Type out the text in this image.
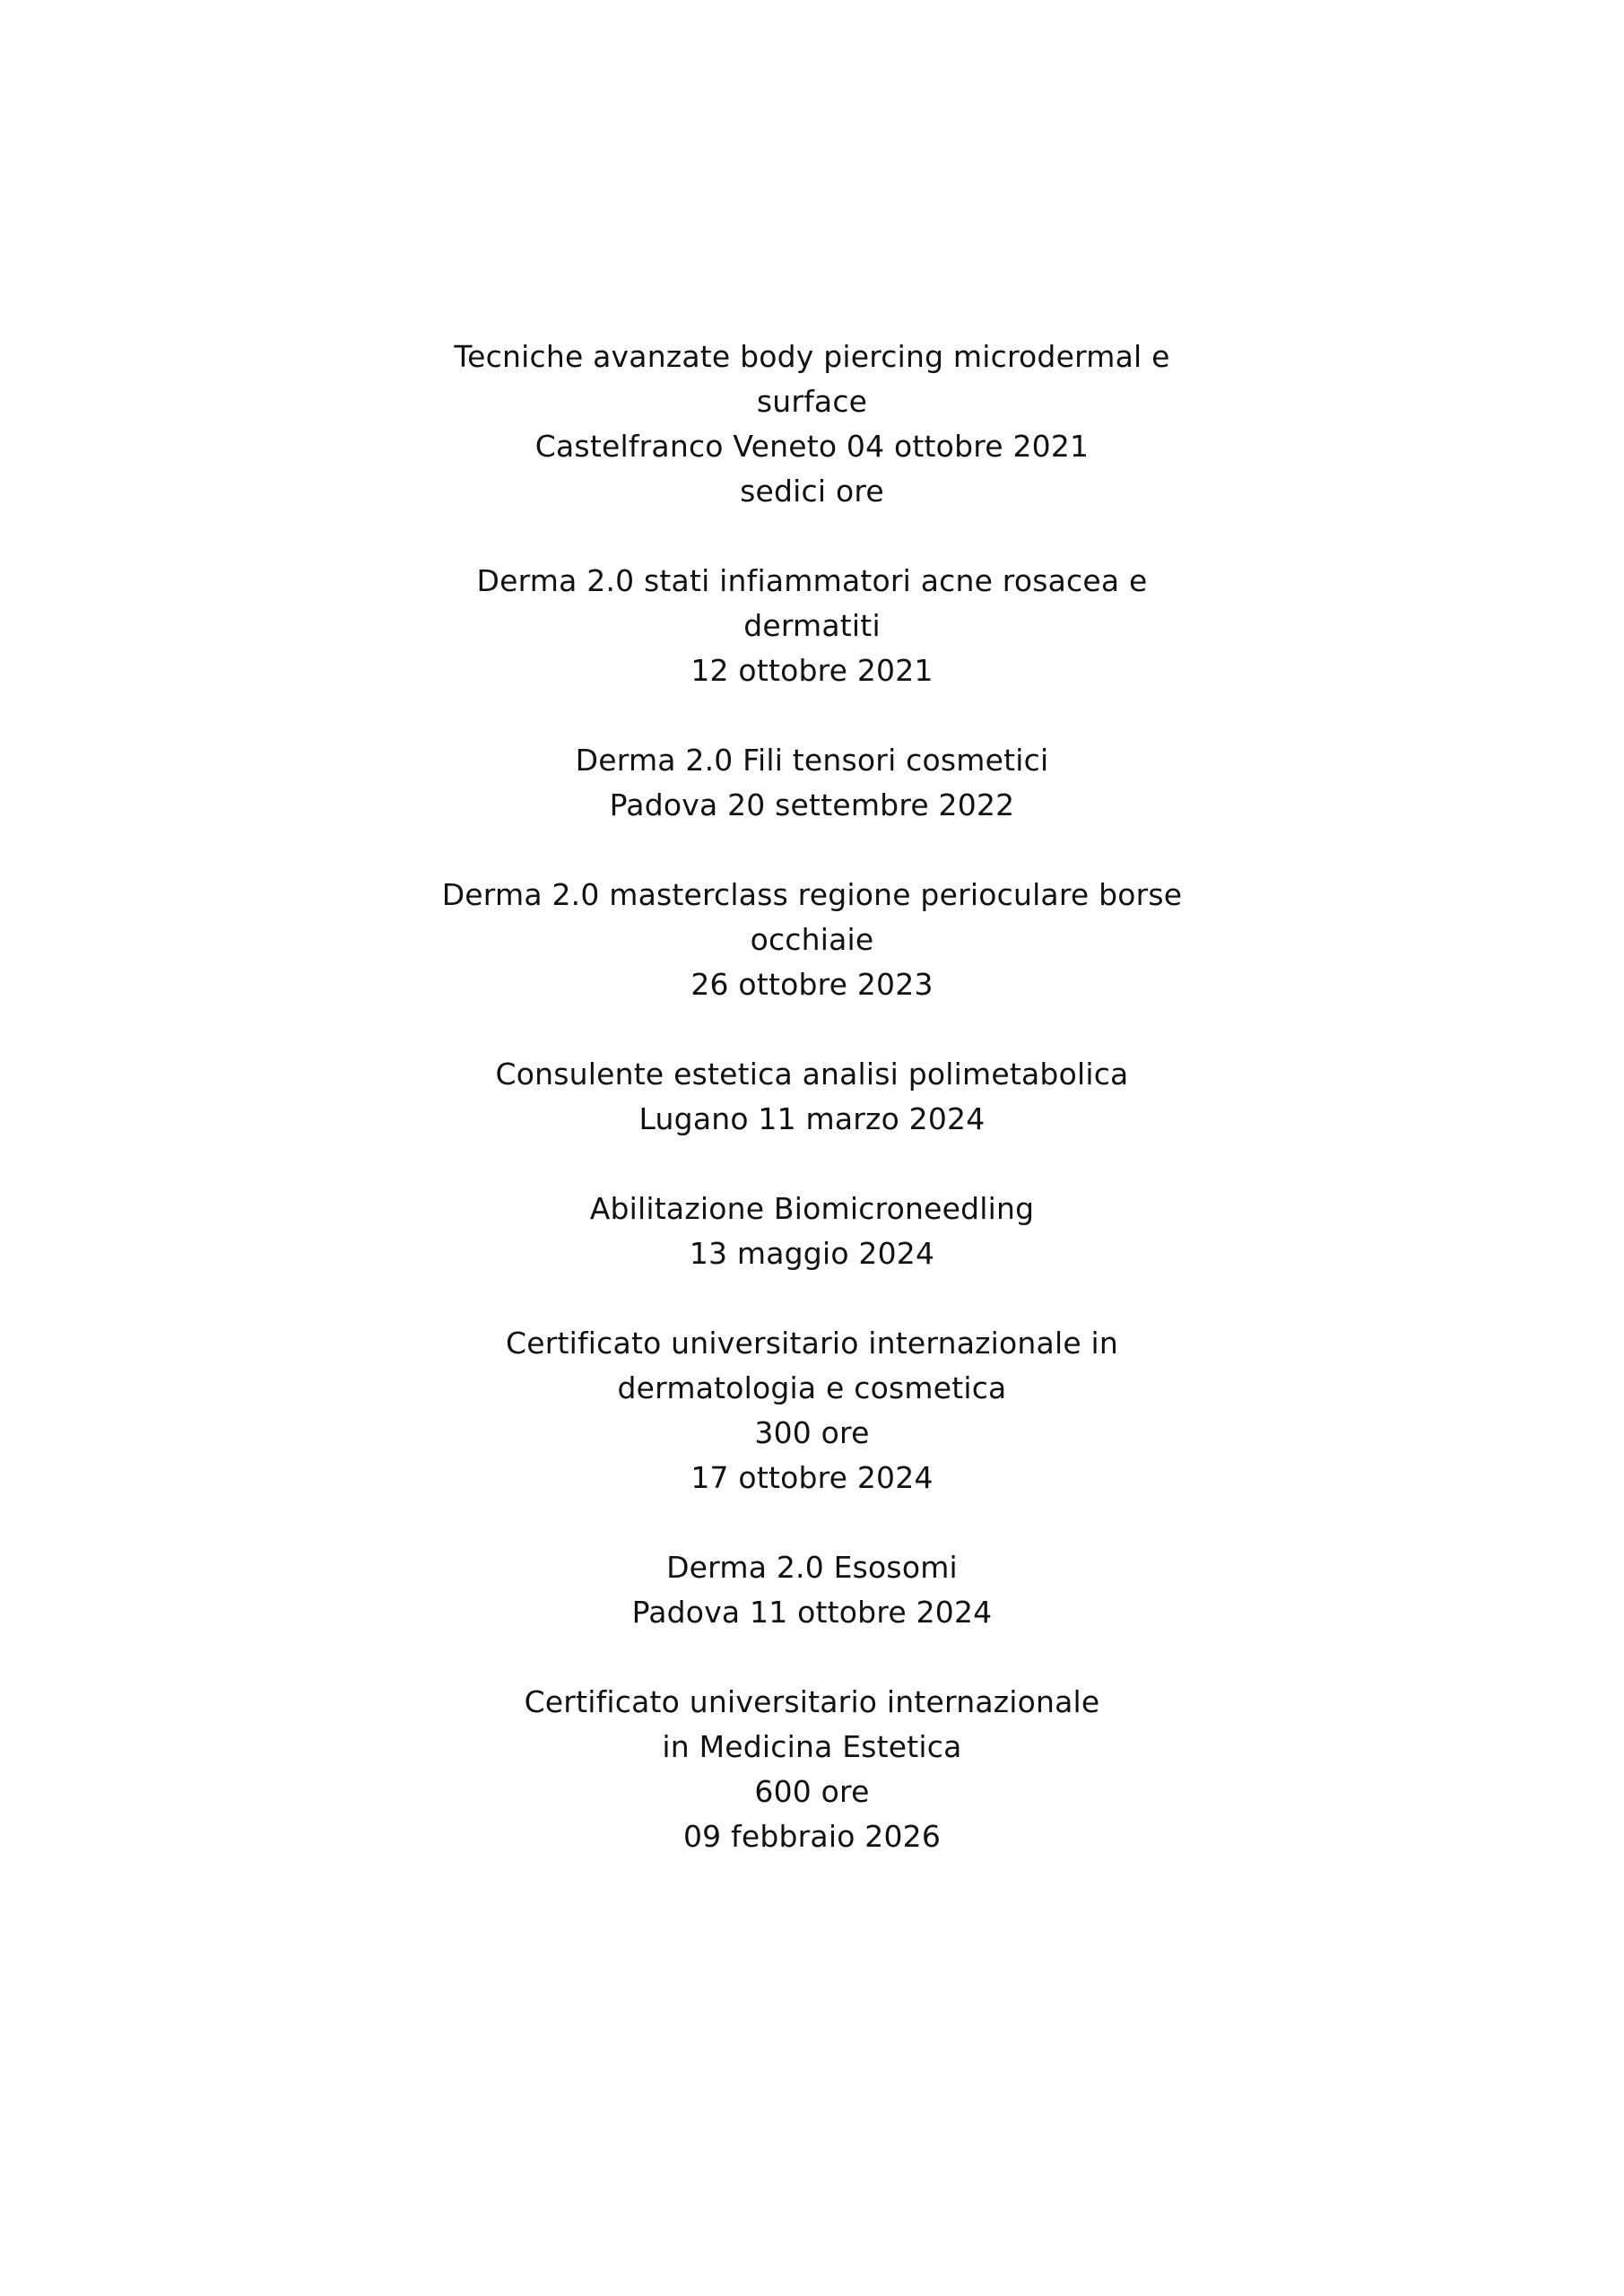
Tecniche avanzate body piercing microdermal e
surface
Castelfranco Veneto 04 ottobre 2021
sedici ore
Derma 2.0 stati infiammatori acne rosacea e
dermatiti
12 ottobre 2021
Derma 2.0 Fili tensori cosmetici
Padova 20 settembre 2022
Derma 2.0 masterclass regione perioculare borse
occhiaie
26 ottobre 2023
Consulente estetica analisi polimetabolica
Lugano 11 marzo 2024
Abilitazione Biomicroneedling
13 maggio 2024
Certificato universitario internazionale in
dermatologia e cosmetica
300 ore
17 ottobre 2024
Derma 2.0 Esosomi
Padova 11 ottobre 2024
Certificato universitario internazionale
in Medicina Estetica
600 ore
09 febbraio 2026
